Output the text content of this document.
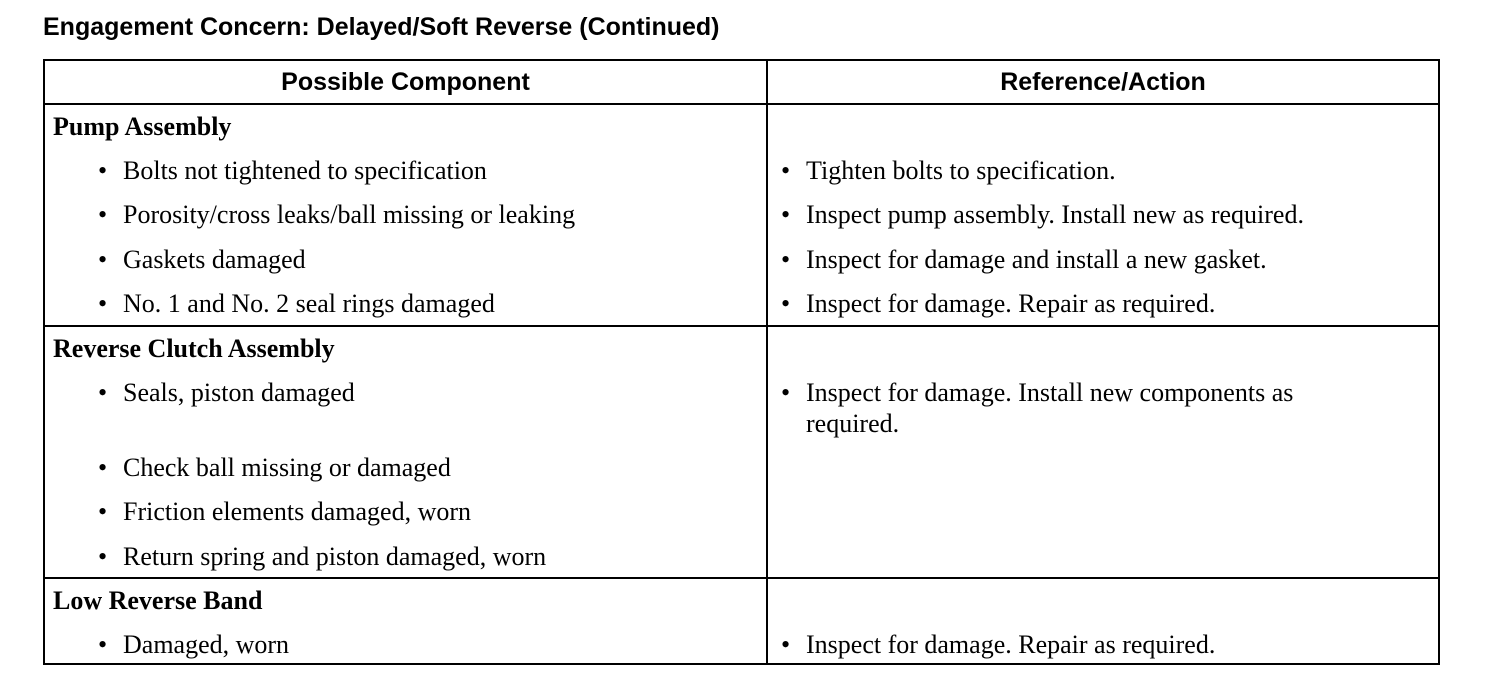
Engagement Concern: Delayed/Soft Reverse (Continued)
Possible Component	Reference/Action
Pump Assembly
• Bolts not tightened to specification	• Tighten bolts to specification.
• Porosity/cross leaks/ball missing or leaking	• Inspect pump assembly. Install new as required.
• Gaskets damaged	• Inspect for damage and install a new gasket.
• No. 1 and No. 2 seal rings damaged	• Inspect for damage. Repair as required.
Reverse Clutch Assembly
• Seals, piston damaged	• Inspect for damage. Install new components as
required.
• Check ball missing or damaged
• Friction elements damaged, worn
• Return spring and piston damaged, worn
Low Reverse Band
• Damaged, worn	• Inspect for damage. Repair as required.
